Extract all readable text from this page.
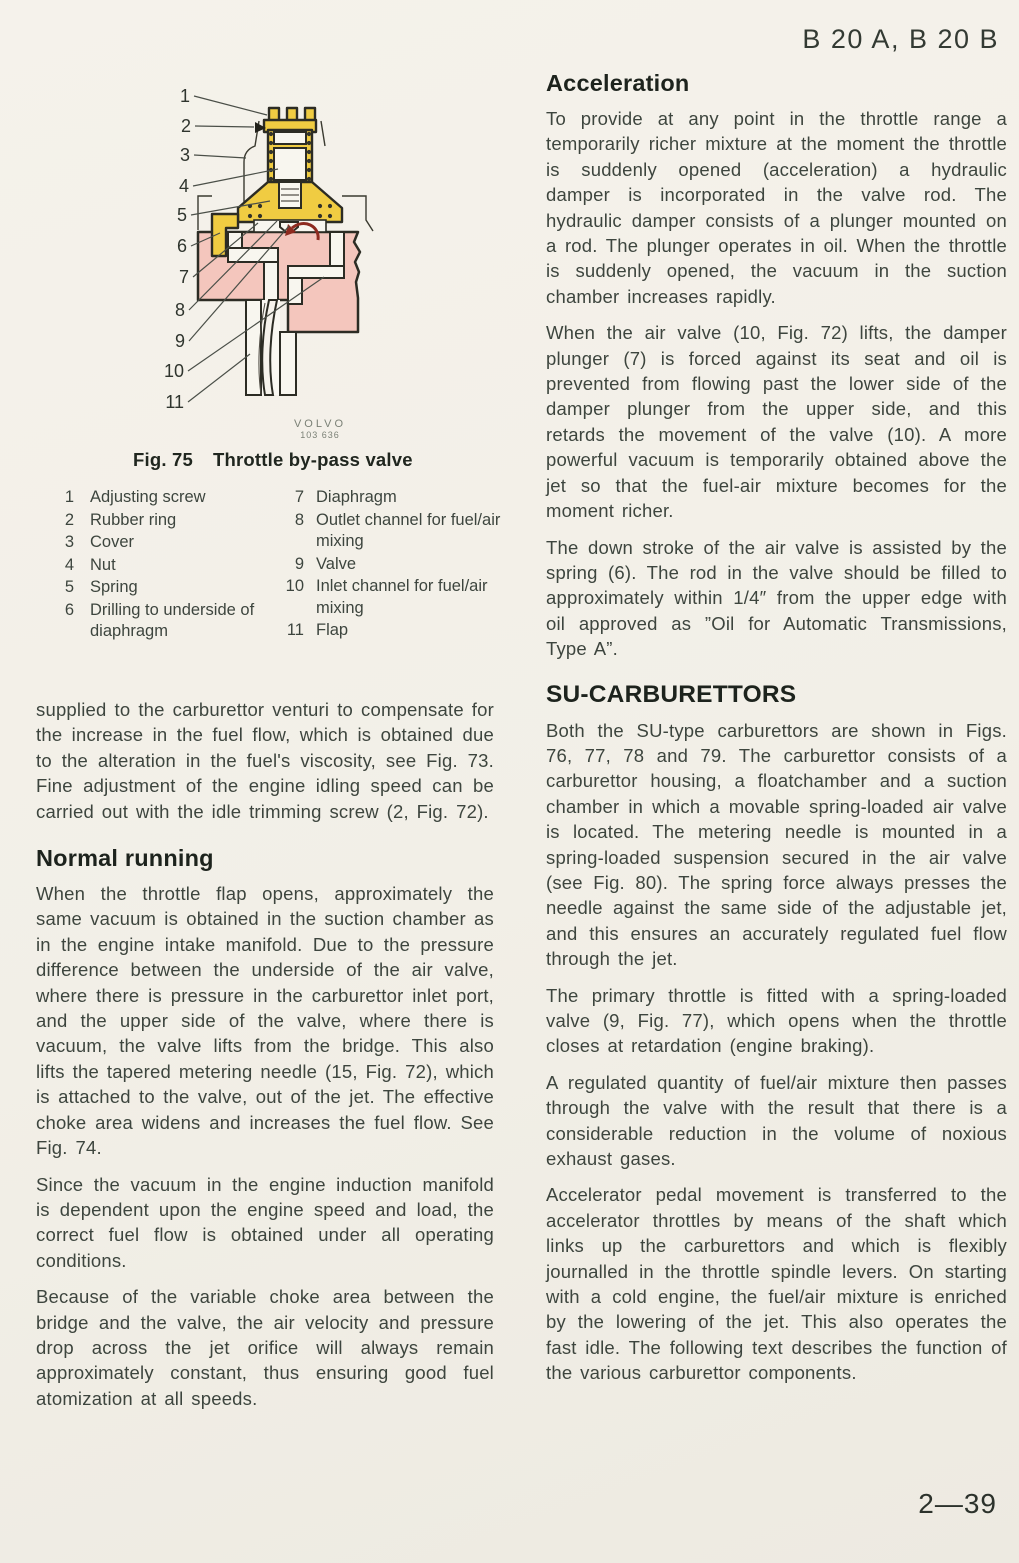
B 20 A, B 20 B
1
2
3
4
5
6
7
8
9
10
11
VOLVO
103 636
Fig. 75 Throttle by-pass valve
1 Adjusting screw
2 Rubber ring
3 Cover
4 Nut
5 Spring
6 Drilling to underside of diaphragm
7 Diaphragm
8 Outlet channel for fuel/air mixing
9 Valve
10 Inlet channel for fuel/air mixing
11 Flap

supplied to the carburettor venturi to compensate for the increase in the fuel flow, which is obtained due to the alteration in the fuel's viscosity, see Fig. 73. Fine adjustment of the engine idling speed can be carried out with the idle trimming screw (2, Fig. 72).

Normal running

When the throttle flap opens, approximately the same vacuum is obtained in the suction chamber as in the engine intake manifold. Due to the pressure difference between the underside of the air valve, where there is pressure in the carburettor inlet port, and the upper side of the valve, where there is vacuum, the valve lifts from the bridge. This also lifts the tapered metering needle (15, Fig. 72), which is attached to the valve, out of the jet. The effective choke area widens and increases the fuel flow. See Fig. 74.

Since the vacuum in the engine induction manifold is dependent upon the engine speed and load, the correct fuel flow is obtained under all operating conditions.

Because of the variable choke area between the bridge and the valve, the air velocity and pressure drop across the jet orifice will always remain approximately constant, thus ensuring good fuel atomization at all speeds.

Acceleration

To provide at any point in the throttle range a temporarily richer mixture at the moment the throttle is suddenly opened (acceleration) a hydraulic damper is incorporated in the valve rod. The hydraulic damper consists of a plunger mounted on a rod. The plunger operates in oil. When the throttle is suddenly opened, the vacuum in the suction chamber increases rapidly.

When the air valve (10, Fig. 72) lifts, the damper plunger (7) is forced against its seat and oil is prevented from flowing past the lower side of the damper plunger from the upper side, and this retards the movement of the valve (10). A more powerful vacuum is temporarily obtained above the jet so that the fuel-air mixture becomes for the moment richer.

The down stroke of the air valve is assisted by the spring (6). The rod in the valve should be filled to approximately within 1/4″ from the upper edge with oil approved as ”Oil for Automatic Transmissions, Type A”.

SU-CARBURETTORS

Both the SU-type carburettors are shown in Figs. 76, 77, 78 and 79. The carburettor consists of a carburettor housing, a floatchamber and a suction chamber in which a movable spring-loaded air valve is located. The metering needle is mounted in a spring-loaded suspension secured in the air valve (see Fig. 80). The spring force always presses the needle against the same side of the adjustable jet, and this ensures an accurately regulated fuel flow through the jet.

The primary throttle is fitted with a spring-loaded valve (9, Fig. 77), which opens when the throttle closes at retardation (engine braking).

A regulated quantity of fuel/air mixture then passes through the valve with the result that there is a considerable reduction in the volume of noxious exhaust gases.

Accelerator pedal movement is transferred to the accelerator throttles by means of the shaft which links up the carburettors and which is flexibly journalled in the throttle spindle levers. On starting with a cold engine, the fuel/air mixture is enriched by the lowering of the jet. This also operates the fast idle. The following text describes the function of the various carburettor components.

2—39
